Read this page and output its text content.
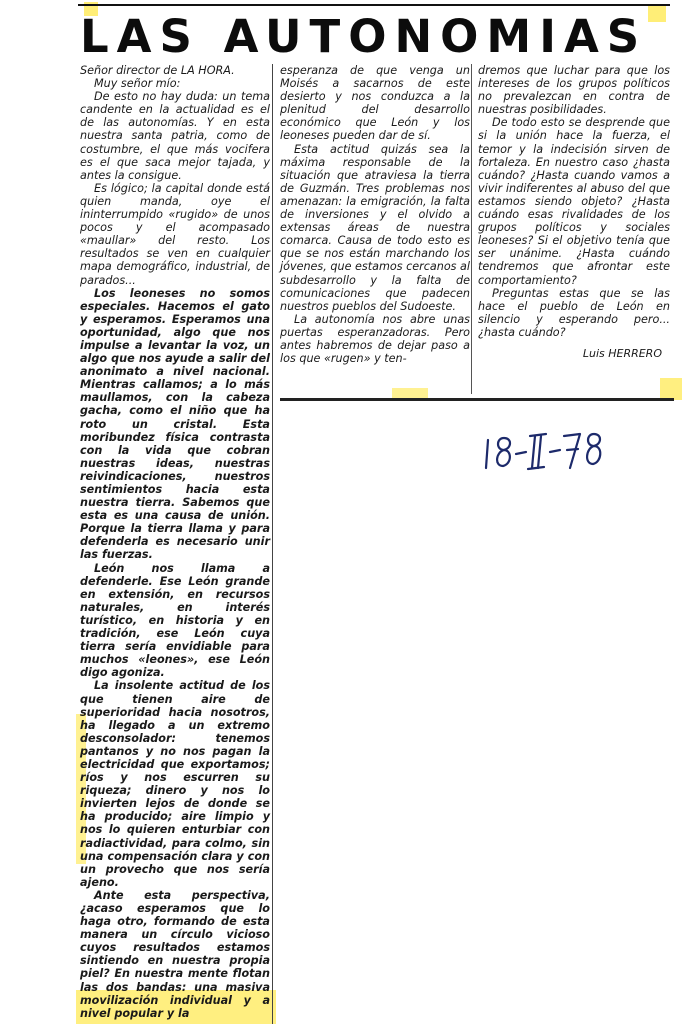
LAS AUTONOMIAS

Señor director de LA HORA.

Muy señor mío:

De esto no hay duda: un tema candente en la actualidad es el de las autonomías. Y en esta nuestra santa patria, como de costumbre, el que más vocifera es el que saca mejor tajada, y antes la consigue.

Es lógico; la capital donde está quien manda, oye el ininterrumpido «rugido» de unos pocos y el acompasado «maullar» del resto. Los resultados se ven en cualquier mapa demográfico, industrial, de parados...

Los leoneses no somos especiales. Hacemos el gato y esperamos. Esperamos una oportunidad, algo que nos impulse a levantar la voz, un algo que nos ayude a salir del anonimato a nivel nacional. Mientras callamos; a lo más maullamos, con la cabeza gacha, como el niño que ha roto un cristal. Esta moribundez física contrasta con la vida que cobran nuestras ideas, nuestras reivindicaciones, nuestros sentimientos hacia esta nuestra tierra. Sabemos que esta es una causa de unión. Porque la tierra llama y para defenderla es necesario unir las fuerzas.

León nos llama a defenderle. Ese León grande en extensión, en recursos naturales, en interés turístico, en historia y en tradición, ese León cuya tierra sería envidiable para muchos «leones», ese León digo agoniza.

La insolente actitud de los que tienen aire de superioridad hacia nosotros, ha llegado a un extremo desconsolador: tenemos pantanos y no nos pagan la electricidad que exportamos; ríos y nos escurren su riqueza; dinero y nos lo invierten lejos de donde se ha producido; aire limpio y nos lo quieren enturbiar con radiactividad, para colmo, sin una compensación clara y con un provecho que nos sería ajeno.

Ante esta perspectiva, ¿acaso esperamos que lo haga otro, formando de esta manera un círculo vicioso cuyos resultados estamos sintiendo en nuestra propia piel? En nuestra mente flotan las dos bandas: una masiva movilización individual y a nivel popular y la

esperanza de que venga un Moisés a sacarnos de este desierto y nos conduzca a la plenitud del desarrollo económico que León y los leoneses pueden dar de sí.

Esta actitud quizás sea la máxima responsable de la situación que atraviesa la tierra de Guzmán. Tres problemas nos amenazan: la emigración, la falta de inversiones y el olvido a extensas áreas de nuestra comarca. Causa de todo esto es que se nos están marchando los jóvenes, que estamos cercanos al subdesarrollo y la falta de comunicaciones que padecen nuestros pueblos del Sudoeste.

La autonomía nos abre unas puertas esperanzadoras. Pero antes habremos de dejar paso a los que «rugen» y ten-

dremos que luchar para que los intereses de los grupos políticos no prevalezcan en contra de nuestras posibilidades.

De todo esto se desprende que si la unión hace la fuerza, el temor y la indecisión sirven de fortaleza. En nuestro caso ¿hasta cuándo? ¿Hasta cuando vamos a vivir indiferentes al abuso del que estamos siendo objeto? ¿Hasta cuándo esas rivalidades de los grupos políticos y sociales leoneses? Si el objetivo tenía que ser unánime. ¿Hasta cuándo tendremos que afrontar este comportamiento?

Preguntas estas que se las hace el pueblo de León en silencio y esperando pero... ¿hasta cuándo?

Luis HERRERO
